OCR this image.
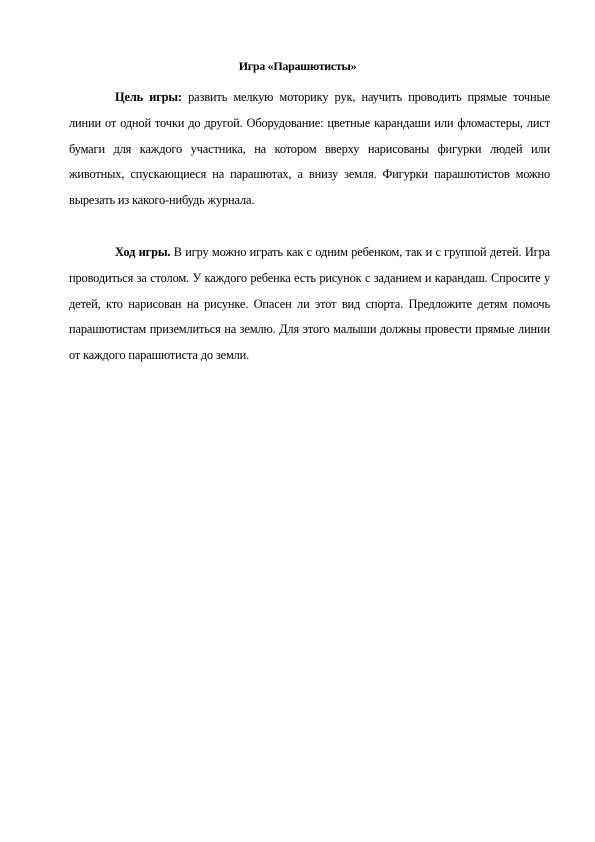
Игра «Парашютисты»

Цель игры: развить мелкую моторику рук, научить проводить прямые точные линии от одной точки до другой. Оборудование: цветные карандаши или фломастеры, лист бумаги для каждого участника, на котором вверху нарисованы фигурки людей или животных, спускающиеся на парашютах, а внизу земля. Фигурки парашютистов можно вырезать из какого-нибудь журнала.

Ход игры. В игру можно играть как с одним ребенком, так и с группой детей. Игра проводиться за столом. У каждого ребенка есть рисунок с заданием и карандаш. Спросите у детей, кто нарисован на рисунке. Опасен ли этот вид спорта. Предложите детям помочь парашютистам приземлиться на землю. Для этого малыши должны провести прямые линии от каждого парашютиста до земли.
